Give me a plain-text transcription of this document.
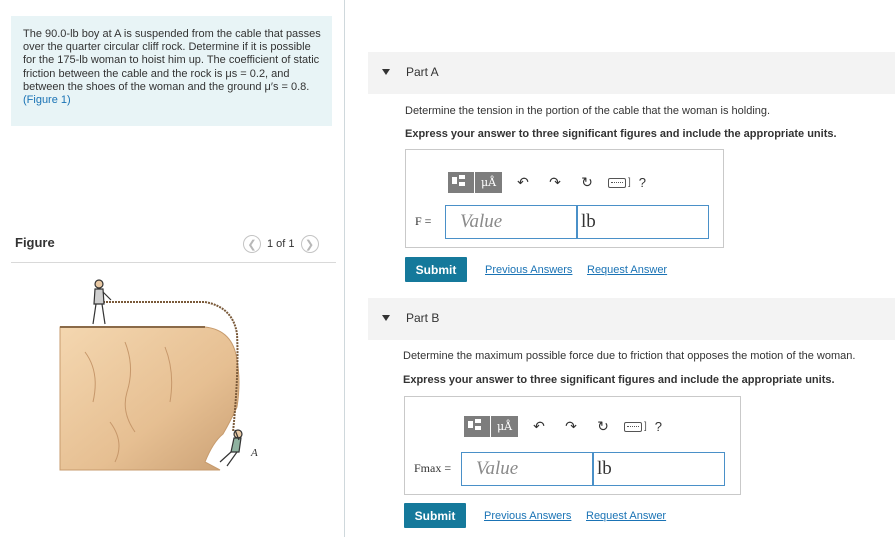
The 90.0-lb boy at A is suspended from the cable that passes over the quarter circular cliff rock. Determine if it is possible for the 175-lb woman to hoist him up. The coefficient of static friction between the cable and the rock is μs = 0.2, and between the shoes of the woman and the ground μ′s = 0.8. (Figure 1)
Figure	❮ 1 of 1 ❯
A
Part A
Determine the tension in the portion of the cable that the woman is holding.
Express your answer to three significant figures and include the appropriate units.
μÅ	↶	↷	↻	] ?
F =
Value
lb
Submit	Previous Answers Request Answer
Part B
Determine the maximum possible force due to friction that opposes the motion of the woman.
Express your answer to three significant figures and include the appropriate units.
μÅ	↶	↷	↻	] ?
Fmax =
Value
lb
Submit	Previous Answers Request Answer
